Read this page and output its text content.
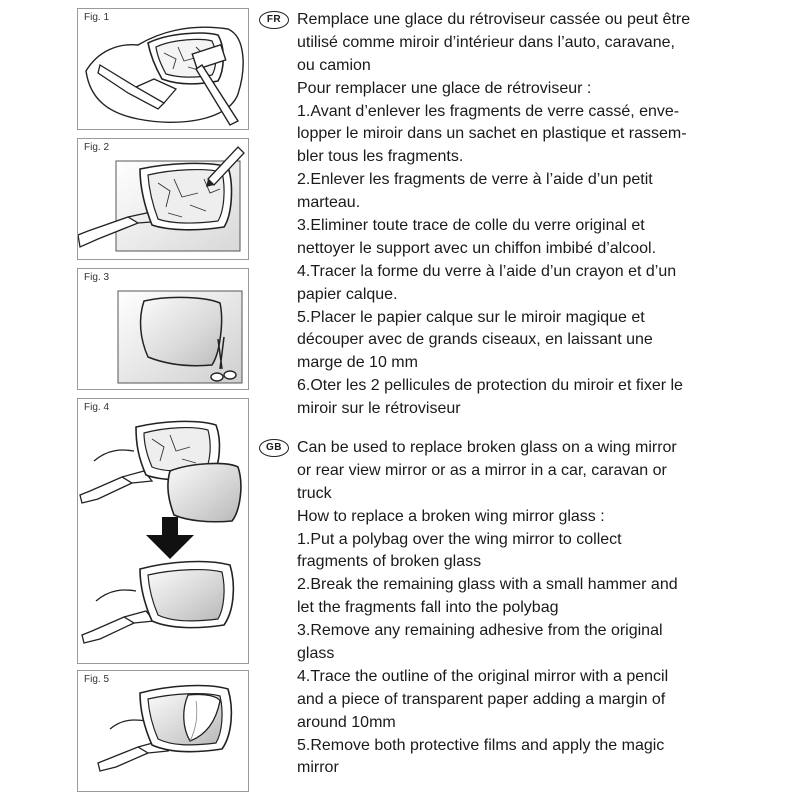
Fig. 1
Fig. 2
Fig. 3
Fig. 4
Fig. 5
FR Remplace une glace du rétroviseur cassée ou peut être
utilisé comme miroir d’intérieur dans l’auto, caravane,
ou camion
Pour remplacer une glace de rétroviseur :
1.Avant d’enlever les fragments de verre cassé, enve-
lopper le miroir dans un sachet en plastique et rassem-
bler tous les fragments.
2.Enlever les fragments de verre à l’aide d’un petit
marteau.
3.Eliminer toute trace de colle du verre original et
nettoyer le support avec un chiffon imbibé d’alcool.
4.Tracer la forme du verre à l’aide d’un crayon et d’un
papier calque.
5.Placer le papier calque sur le miroir magique et
découper avec de grands ciseaux, en laissant une
marge de 10 mm
6.Oter les 2 pellicules de protection du miroir et fixer le
miroir sur le rétroviseur
GB Can be used to replace broken glass on a wing mirror
or rear view mirror or as a mirror in a car, caravan or
truck
How to replace a broken wing mirror glass :
1.Put a polybag over the wing mirror to collect
fragments of broken glass
2.Break the remaining glass with a small hammer and
let the fragments fall into the polybag
3.Remove any remaining adhesive from the original
glass
4.Trace the outline of the original mirror with a pencil
and a piece of transparent paper adding a margin of
around 10mm
5.Remove both protective films and apply the magic
mirror
